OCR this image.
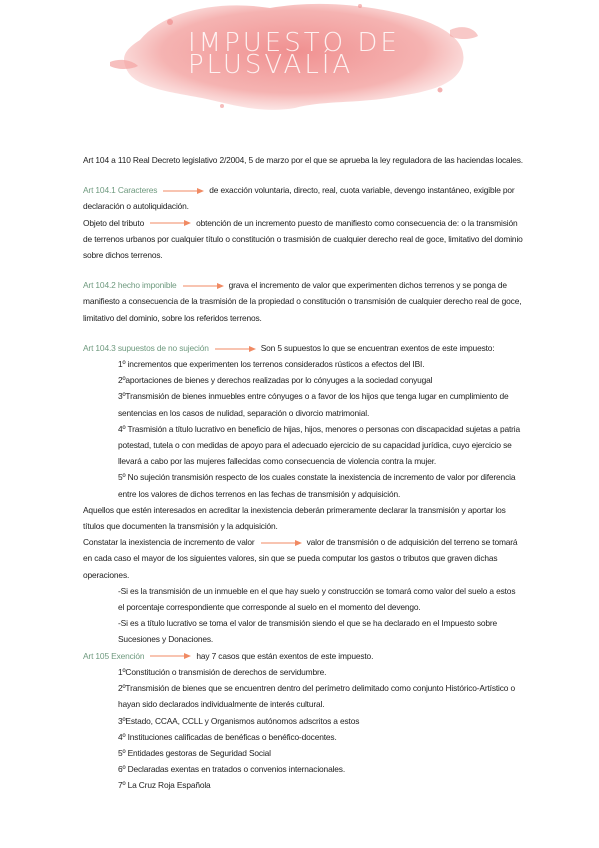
IMPUESTO DE
PLUSVALÍA

Art 104 a 110 Real Decreto legislativo 2/2004, 5 de marzo por el que se aprueba la ley reguladora de las haciendas locales.

Art 104.1 Caracteres	de exacción voluntaria, directo, real, cuota variable, devengo instantáneo, exigible por declaración o autoliquidación.

Objeto del tributo	obtención de un incremento puesto de manifiesto como consecuencia de: o la transmisión de terrenos urbanos por cualquier título o constitución o trasmisión de cualquier derecho real de goce, limitativo del dominio sobre dichos terrenos.

Art 104.2 hecho imponible	grava el incremento de valor que experimenten dichos terrenos y se ponga de manifiesto a consecuencia de la trasmisión de la propiedad o constitución o transmisión de cualquier derecho real de goce, limitativo del dominio, sobre los referidos terrenos.

Art 104.3 supuestos de no sujeción	Son 5 supuestos lo que se encuentran exentos de este impuesto:

1º incrementos que experimenten los terrenos considerados rústicos a efectos del IBI.

2ºaportaciones de bienes y derechos realizadas por lo cónyuges a la sociedad conyugal

3ºTransmisión de bienes inmuebles entre cónyuges o a favor de los hijos que tenga lugar en cumplimiento de sentencias en los casos de nulidad, separación o divorcio matrimonial.

4º Trasmisión a título lucrativo en beneficio de hijas, hijos, menores o personas con discapacidad sujetas a patria potestad, tutela o con medidas de apoyo para el adecuado ejercicio de su capacidad jurídica, cuyo ejercicio se llevará a cabo por las mujeres fallecidas como consecuencia de violencia contra la mujer.

5º No sujeción transmisión respecto de los cuales constate la inexistencia de incremento de valor por diferencia entre los valores de dichos terrenos en las fechas de transmisión y adquisición.

Aquellos que estén interesados en acreditar la inexistencia deberán primeramente declarar la transmisión y aportar los títulos que documenten la transmisión y la adquisición.

Constatar la inexistencia de incremento de valor	valor de transmisión o de adquisición del terreno se tomará en cada caso el mayor de los siguientes valores, sin que se pueda computar los gastos o tributos que graven dichas operaciones.

-Si es la transmisión de un inmueble en el que hay suelo y construcción se tomará como valor del suelo a estos el porcentaje correspondiente que corresponde al suelo en el momento del devengo.

-Si es a título lucrativo se toma el valor de transmisión siendo el que se ha declarado en el Impuesto sobre Sucesiones y Donaciones.

Art 105 Exención	hay 7 casos que están exentos de este impuesto.

1ºConstitución o transmisión de derechos de servidumbre.

2ºTransmisión de bienes que se encuentren dentro del perímetro delimitado como conjunto Histórico-Artístico o hayan sido declarados individualmente de interés cultural.

3ºEstado, CCAA, CCLL y Organismos autónomos adscritos a estos

4º Instituciones calificadas de benéficas o benéfico-docentes.

5º Entidades gestoras de Seguridad Social

6º Declaradas exentas en tratados o convenios internacionales.

7º La Cruz Roja Española
